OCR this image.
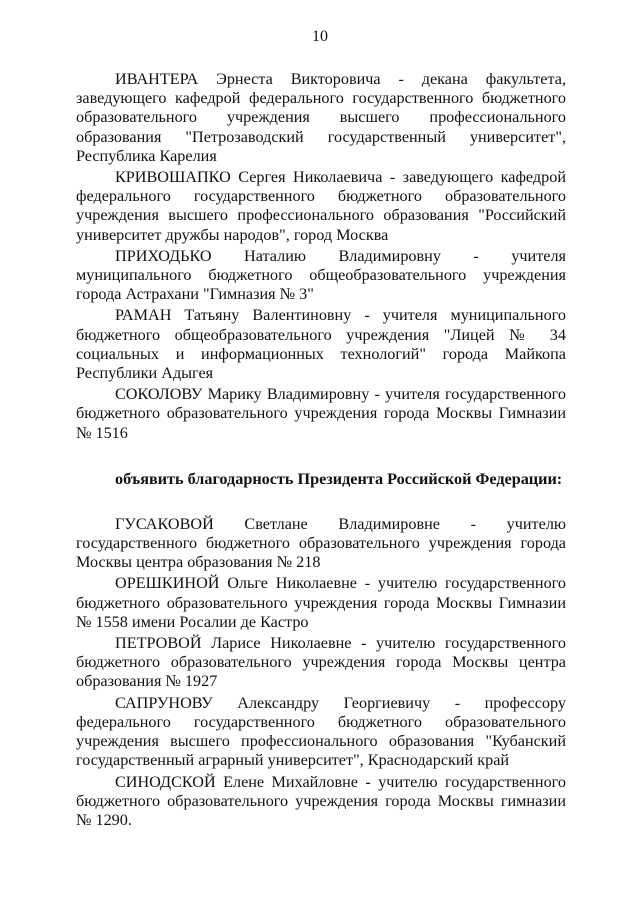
10

ИВАНТЕРА Эрнеста Викторовича - декана факультета, заведующего кафедрой федерального государственного бюджетного образовательного учреждения высшего профессионального образования "Петрозаводский государственный университет", Республика Карелия

КРИВОШАПКО Сергея Николаевича - заведующего кафедрой федерального государственного бюджетного образовательного учреждения высшего профессионального образования "Российский университет дружбы народов", город Москва

ПРИХОДЬКО Наталию Владимировну - учителя муниципального бюджетного общеобразовательного учреждения города Астрахани "Гимназия № 3"

РАМАН Татьяну Валентиновну - учителя муниципального бюджетного общеобразовательного учреждения "Лицей № 34 социальных и информационных технологий" города Майкопа Республики Адыгея

СОКОЛОВУ Марику Владимировну - учителя государственного бюджетного образовательного учреждения города Москвы Гимназии № 1516

объявить благодарность Президента Российской Федерации:

ГУСАКОВОЙ Светлане Владимировне - учителю государственного бюджетного образовательного учреждения города Москвы центра образования № 218

ОРЕШКИНОЙ Ольге Николаевне - учителю государственного бюджетного образовательного учреждения города Москвы Гимназии № 1558 имени Росалии де Кастро

ПЕТРОВОЙ Ларисе Николаевне - учителю государственного бюджетного образовательного учреждения города Москвы центра образования № 1927

САПРУНОВУ Александру Георгиевичу - профессору федерального государственного бюджетного образовательного учреждения высшего профессионального образования "Кубанский государственный аграрный университет", Краснодарский край

СИНОДСКОЙ Елене Михайловне - учителю государственного бюджетного образовательного учреждения города Москвы гимназии № 1290.
